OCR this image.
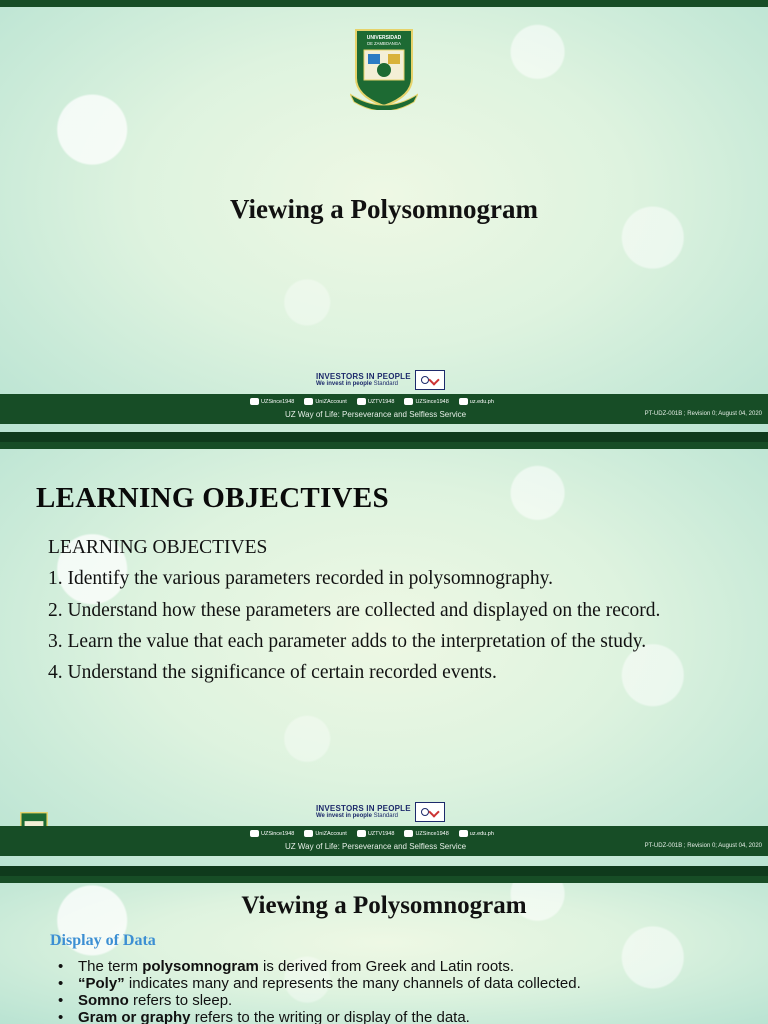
UNIVERSIDAD
DE ZAMBOANGA
Viewing a Polysomnogram
INVESTORS IN PEOPLE
We invest in people Standard
UZSince1948	UniZAccount	UZTV1948	UZSince1948	uz.edu.ph
UZ Way of Life: Perseverance and Selfless Service	PT-UDZ-001B ; Revision 0; August 04, 2020
LEARNING OBJECTIVES

LEARNING OBJECTIVES

1. Identify the various parameters recorded in polysomnography.

2. Understand how these parameters are collected and displayed on the record.

3. Learn the value that each parameter adds to the interpretation of the study.

4. Understand the significance of certain recorded events.

INVESTORS IN PEOPLE
We invest in people Standard
UZSince1948	UniZAccount	UZTV1948	UZSince1948	uz.edu.ph
UZ Way of Life: Perseverance and Selfless Service	PT-UDZ-001B ; Revision 0; August 04, 2020
Viewing a Polysomnogram
Display of Data
• The term polysomnogram is derived from Greek and Latin roots.
• “Poly” indicates many and represents the many channels of data collected.
• Somno refers to sleep.
• Gram or graphy refers to the writing or display of the data.
